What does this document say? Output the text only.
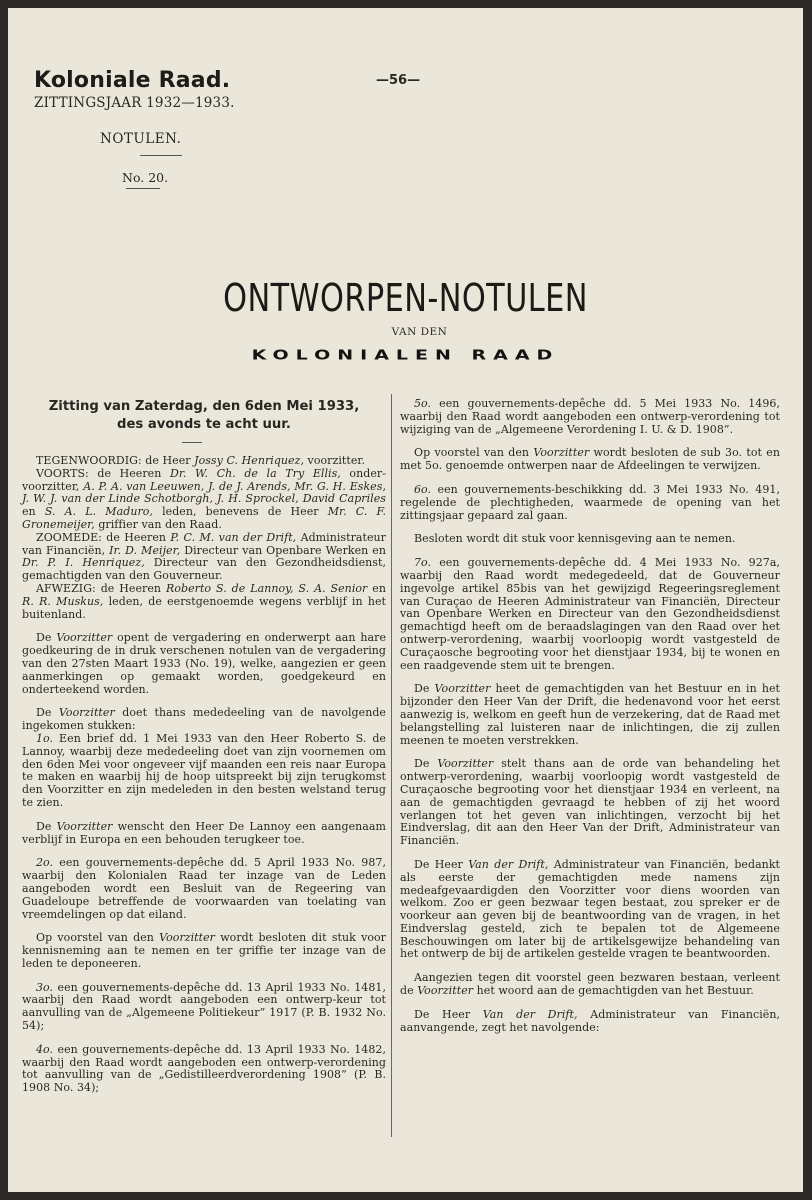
Koloniale Raad.
ZITTINGSJAAR 1932—1933.
NOTULEN.
No. 20.
—56—
ONTWORPEN-NOTULEN
VAN DEN
KOLONIALEN RAAD
Zitting van Zaterdag, den 6den Mei 1933,
des avonds te acht uur.

TEGENWOORDIG: de Heer Jossy C. Henriquez, voorzitter.

VOORTS: de Heeren Dr. W. Ch. de la Try Ellis, onder-voorzitter, A. P. A. van Leeuwen, J. de J. Arends, Mr. G. H. Eskes, J. W. J. van der Linde Schotborgh, J. H. Sprockel, David Capriles en S. A. L. Maduro, leden, benevens de Heer Mr. C. F. Gronemeijer, griffier van den Raad.

ZOOMEDE: de Heeren P. C. M. van der Drift, Administrateur van Financiën, Ir. D. Meijer, Directeur van Openbare Werken en Dr. P. I. Henriquez, Directeur van den Gezondheidsdienst, gemachtigden van den Gouverneur.

AFWEZIG: de Heeren Roberto S. de Lannoy, S. A. Senior en R. R. Muskus, leden, de eerstgenoemde wegens verblijf in het buitenland.

De Voorzitter opent de vergadering en onderwerpt aan hare goedkeuring de in druk verschenen notulen van de vergadering van den 27sten Maart 1933 (No. 19), welke, aangezien er geen aanmerkingen op gemaakt worden, goedgekeurd en onderteekend worden.

De Voorzitter doet thans mededeeling van de navolgende ingekomen stukken:

1o. Een brief dd. 1 Mei 1933 van den Heer Roberto S. de Lannoy, waarbij deze mededeeling doet van zijn voornemen om den 6den Mei voor ongeveer vijf maanden een reis naar Europa te maken en waarbij hij de hoop uitspreekt bij zijn terugkomst den Voorzitter en zijn medeleden in den besten welstand terug te zien.

De Voorzitter wenscht den Heer De Lannoy een aangenaam verblijf in Europa en een behouden terugkeer toe.

2o. een gouvernements-depêche dd. 5 April 1933 No. 987, waarbij den Kolonialen Raad ter inzage van de Leden aangeboden wordt een Besluit van de Regeering van Guadeloupe betreffende de voorwaarden van toelating van vreemdelingen op dat eiland.

Op voorstel van den Voorzitter wordt besloten dit stuk voor kennisneming aan te nemen en ter griffie ter inzage van de leden te deponeeren.

3o. een gouvernements-depêche dd. 13 April 1933 No. 1481, waarbij den Raad wordt aangeboden een ontwerp-keur tot aanvulling van de „Algemeene Politiekeur” 1917 (P. B. 1932 No. 54);

4o. een gouvernements-depêche dd. 13 April 1933 No. 1482, waarbij den Raad wordt aangeboden een ontwerp-verordening tot aanvulling van de „Gedistilleerdverordening 1908” (P. B. 1908 No. 34);

5o. een gouvernements-depêche dd. 5 Mei 1933 No. 1496, waarbij den Raad wordt aangeboden een ontwerp-verordening tot wijziging van de „Algemeene Verordening I. U. & D. 1908”.

Op voorstel van den Voorzitter wordt besloten de sub 3o. tot en met 5o. genoemde ontwerpen naar de Afdeelingen te verwijzen.

6o. een gouvernements-beschikking dd. 3 Mei 1933 No. 491, regelende de plechtigheden, waarmede de opening van het zittingsjaar gepaard zal gaan.

Besloten wordt dit stuk voor kennisgeving aan te nemen.

7o. een gouvernements-depêche dd. 4 Mei 1933 No. 927a, waarbij den Raad wordt medegedeeld, dat de Gouverneur ingevolge artikel 85bis van het gewijzigd Regeeringsreglement van Curaçao de Heeren Administrateur van Financiën, Directeur van Openbare Werken en Directeur van den Gezondheidsdienst gemachtigd heeft om de beraadslagingen van den Raad over het ontwerp-verordening, waarbij voorloopig wordt vastgesteld de Curaçaosche begrooting voor het dienstjaar 1934, bij te wonen en een raadgevende stem uit te brengen.

De Voorzitter heet de gemachtigden van het Bestuur en in het bijzonder den Heer Van der Drift, die hedenavond voor het eerst aanwezig is, welkom en geeft hun de verzekering, dat de Raad met belangstelling zal luisteren naar de inlichtingen, die zij zullen meenen te moeten verstrekken.

De Voorzitter stelt thans aan de orde van behandeling het ontwerp-verordening, waarbij voorloopig wordt vastgesteld de Curaçaosche begrooting voor het dienstjaar 1934 en verleent, na aan de gemachtigden gevraagd te hebben of zij het woord verlangen tot het geven van inlichtingen, verzocht bij het Eindverslag, dit aan den Heer Van der Drift, Administrateur van Financiën.

De Heer Van der Drift, Administrateur van Financiën, bedankt als eerste der gemachtigden mede namens zijn medeafgevaardigden den Voorzitter voor diens woorden van welkom. Zoo er geen bezwaar tegen bestaat, zou spreker er de voorkeur aan geven bij de beantwoording van de vragen, in het Eindverslag gesteld, zich te bepalen tot de Algemeene Beschouwingen om later bij de artikelsgewijze behandeling van het ontwerp de bij de artikelen gestelde vragen te beantwoorden.

Aangezien tegen dit voorstel geen bezwaren bestaan, verleent de Voorzitter het woord aan de gemachtigden van het Bestuur.

De Heer Van der Drift, Administrateur van Financiën, aanvangende, zegt het navolgende:
